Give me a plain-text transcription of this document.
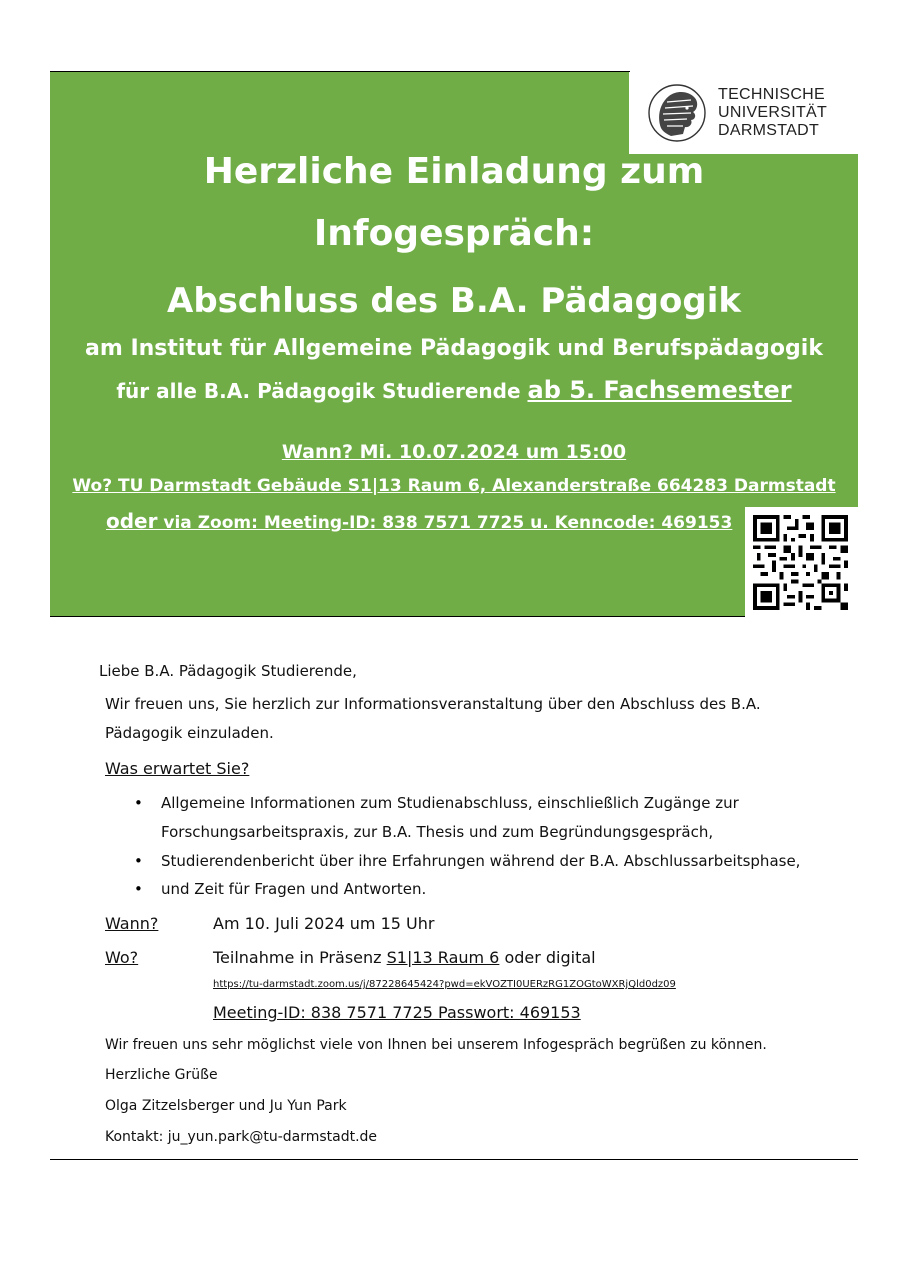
TECHNISCHE
UNIVERSITÄT
DARMSTADT
Herzliche Einladung zum
Infogespräch:
Abschluss des B.A. Pädagogik
am Institut für Allgemeine Pädagogik und Berufspädagogik
für alle B.A. Pädagogik Studierende ab 5. Fachsemester
Wann? Mi. 10.07.2024 um 15:00
Wo? TU Darmstadt Gebäude S1|13 Raum 6, Alexanderstraße 664283 Darmstadt
oder via Zoom: Meeting-ID: 838 7571 7725 u. Kenncode: 469153
Liebe B.A. Pädagogik Studierende,
Wir freuen uns, Sie herzlich zur Informationsveranstaltung über den Abschluss des B.A.
Pädagogik einzuladen.
Was erwartet Sie?
• Allgemeine Informationen zum Studienabschluss, einschließlich Zugänge zur
Forschungsarbeitspraxis, zur B.A. Thesis und zum Begründungsgespräch,
• Studierendenbericht über ihre Erfahrungen während der B.A. Abschlussarbeitsphase,
• und Zeit für Fragen und Antworten.
Wann?	Am 10. Juli 2024 um 15 Uhr
Wo?	Teilnahme in Präsenz S1|13 Raum 6 oder digital
https://tu-darmstadt.zoom.us/j/87228645424?pwd=ekVOZTI0UERzRG1ZOGtoWXRjQld0dz09
Meeting-ID: 838 7571 7725 Passwort: 469153
Wir freuen uns sehr möglichst viele von Ihnen bei unserem Infogespräch begrüßen zu können.
Herzliche Grüße
Olga Zitzelsberger und Ju Yun Park
Kontakt: ju_yun.park@tu-darmstadt.de
